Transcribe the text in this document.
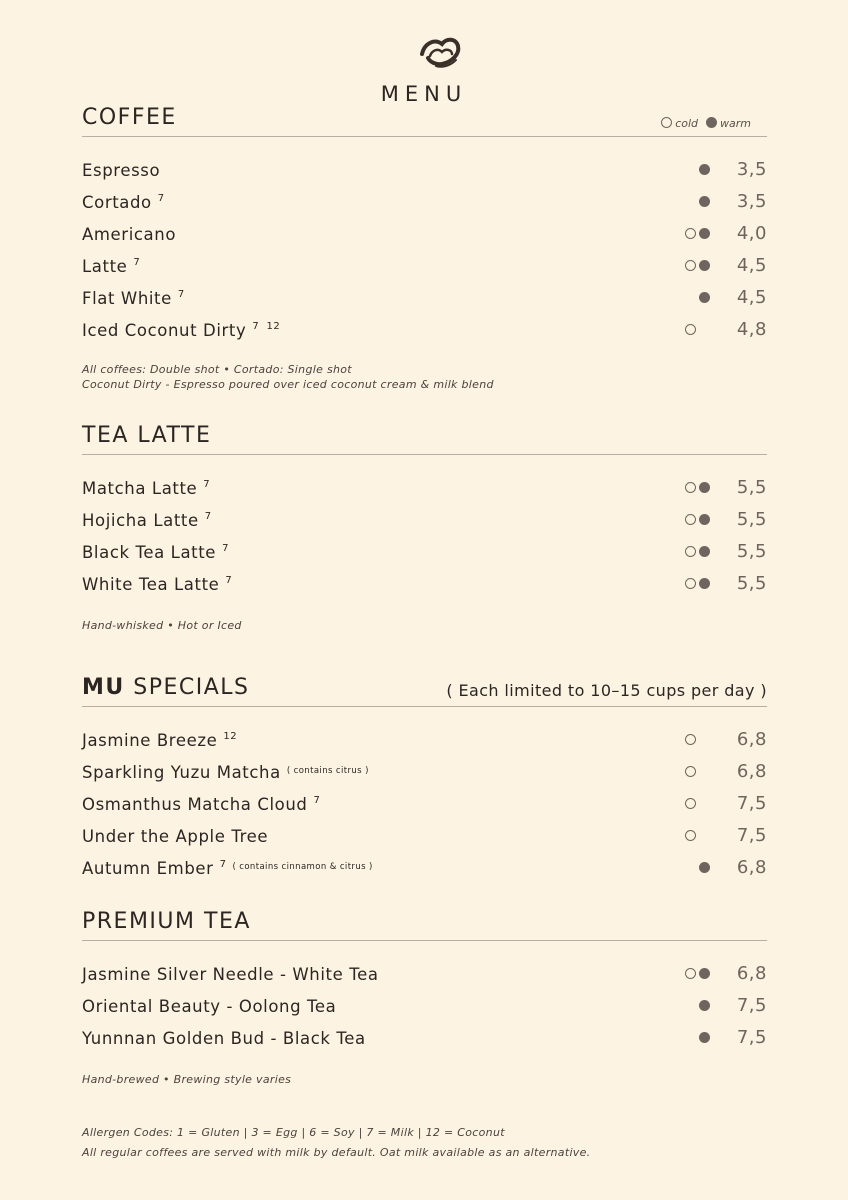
MENU
COFFEE	cold warm
Espresso	3,5
Cortado $^7$	3,5
Americano	4,0
Latte $^7$	4,5
Flat White $^7$	4,5
Iced Coconut Dirty $^{7 12}$	4,8
All coffees: Double shot • Cortado: Single shot
Coconut Dirty - Espresso poured over iced coconut cream & milk blend
TEA LATTE
Matcha Latte $^7$	5,5
Hojicha Latte $^7$	5,5
Black Tea Latte $^7$	5,5
White Tea Latte $^7$	5,5
Hand-whisked • Hot or Iced
MU SPECIALS	( Each limited to 10–15 cups per day )
Jasmine Breeze $^{12}$	6,8
Sparkling Yuzu Matcha $^{( contains citrus )}$	6,8
Osmanthus Matcha Cloud $^7$	7,5
Under the Apple Tree	7,5
Autumn Ember $^7$ $^{( contains cinnamon \& citrus )}$	6,8
PREMIUM TEA
Jasmine Silver Needle - White Tea	6,8
Oriental Beauty - Oolong Tea	7,5
Yunnnan Golden Bud - Black Tea	7,5
Hand-brewed • Brewing style varies
Allergen Codes: 1 = Gluten | 3 = Egg | 6 = Soy | 7 = Milk | 12 = Coconut
All regular coffees are served with milk by default. Oat milk available as an alternative.
